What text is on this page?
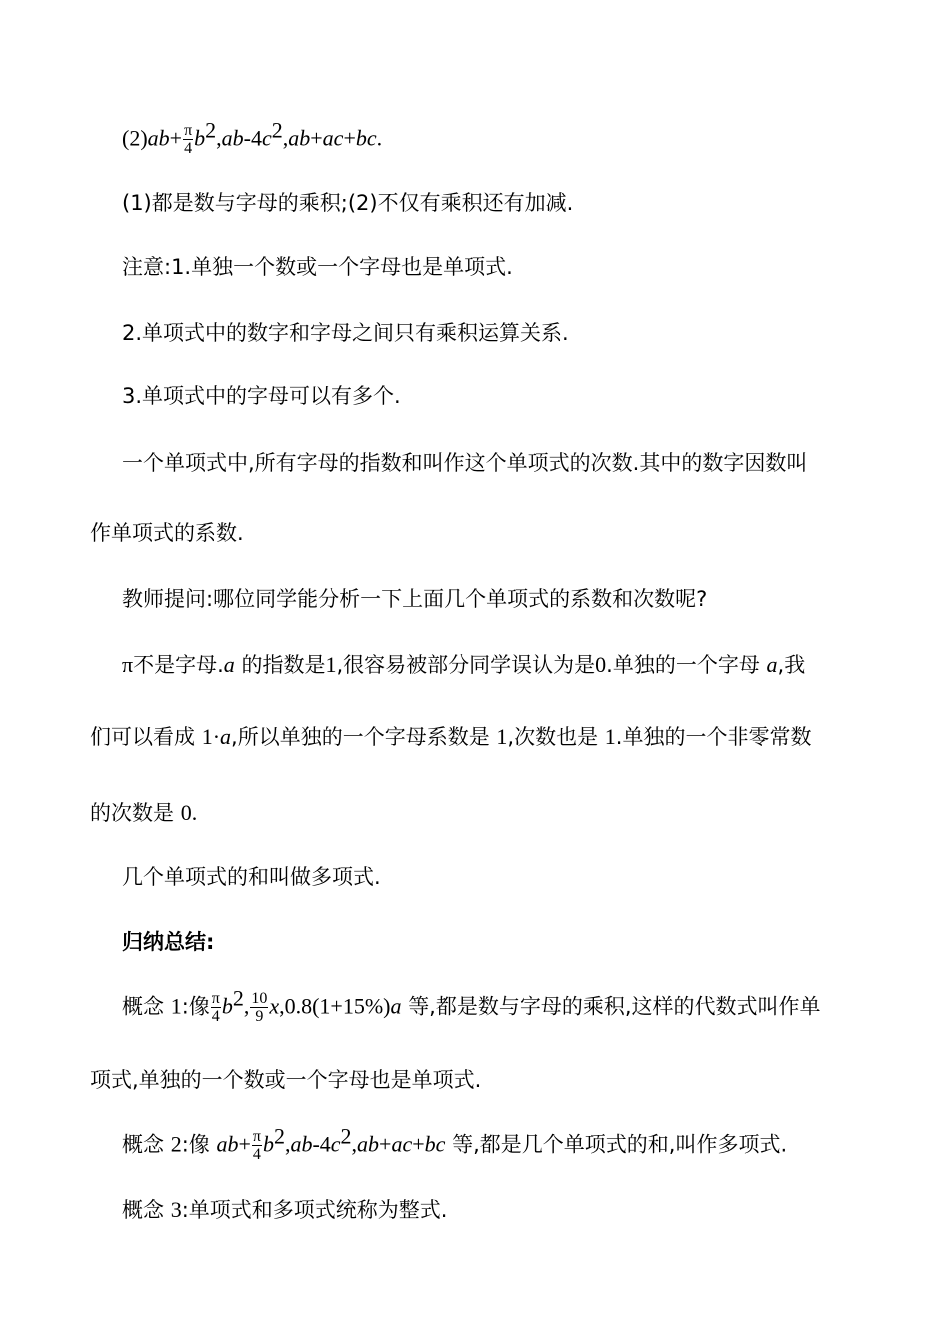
$(2)ab+ \frac{\pi}{4} b^2,ab-4c^2,ab+ac+bc$.
(1)都是数与字母的乘积;(2)不仅有乘积还有加减.
注意:1.单独一个数或一个字母也是单项式.
2.单项式中的数字和字母之间只有乘积运算关系.
3.单项式中的字母可以有多个.
一个单项式中,所有字母的指数和叫作这个单项式的次数.其中的数字因数叫
作单项式的系数.
教师提问:哪位同学能分析一下上面几个单项式的系数和次数呢?
π不是字母.a 的指数是1,很容易被部分同学误认为是0.单独的一个字母 a,我
们可以看成 1·a,所以单独的一个字母系数是 1,次数也是 1.单独的一个非零常数
的次数是 0.
几个单项式的和叫做多项式.
归纳总结:
概念 1:像 $\frac{\pi}{4} b^2$, $\frac{10}{9} x,0.8(1+15\%)a$ 等,都是数与字母的乘积,这样的代数式叫作单
项式,单独的一个数或一个字母也是单项式.
概念 2:像 $ab+ \frac{\pi}{4} b^2,ab-4c^2,ab+ac+bc$ 等,都是几个单项式的和,叫作多项式.
概念 3:单项式和多项式统称为整式.
